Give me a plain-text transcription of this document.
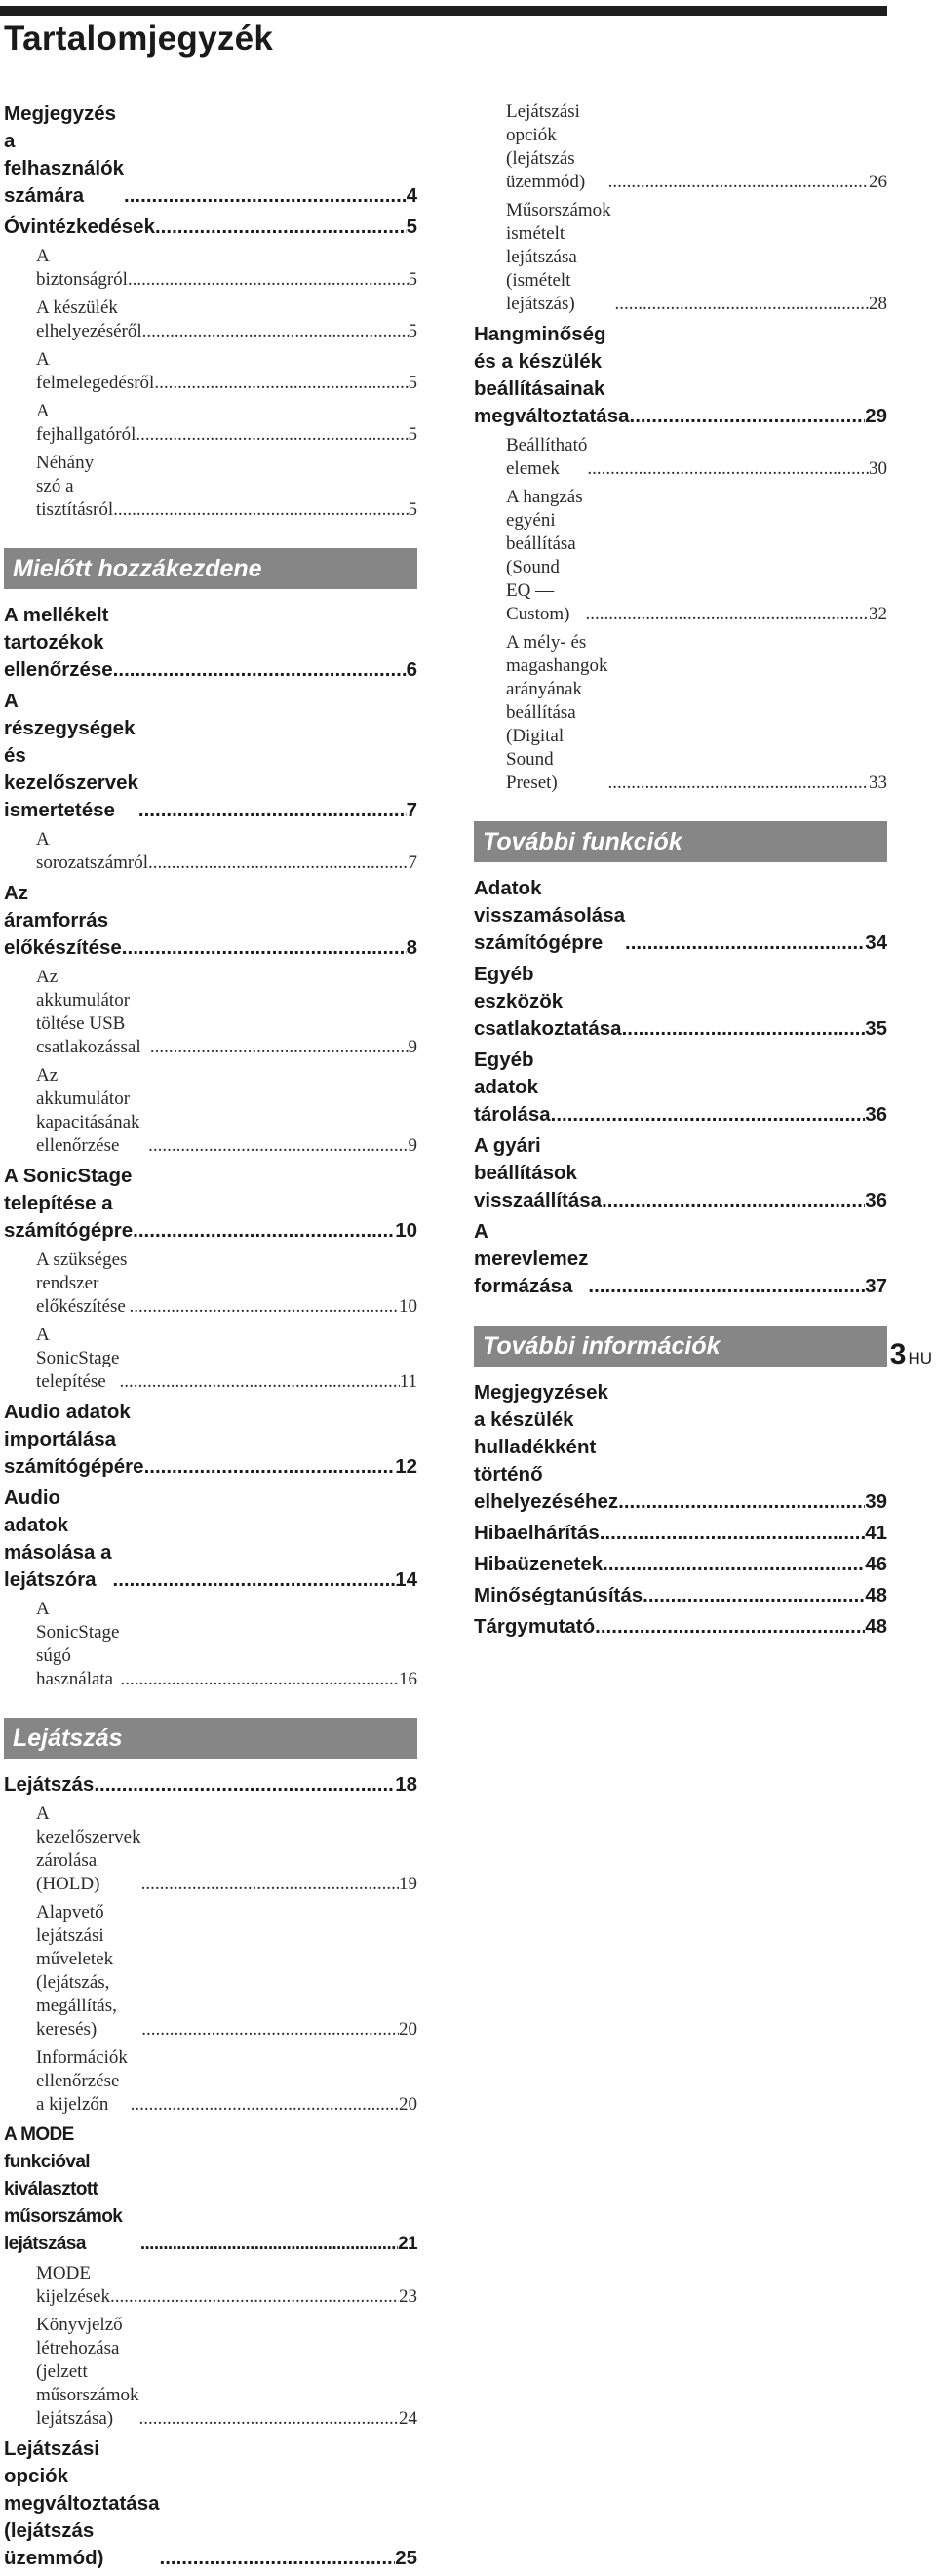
Tartalomjegyzék
Megjegyzés a felhasználók számára .....	4
Óvintézkedések .....	5
A biztonságról .....	5
A készülék elhelyezéséről .....	5
A felmelegedésről .....	5
A fejhallgatóról .....	5
Néhány szó a tisztításról .....	5
Mielőtt hozzákezdene
A mellékelt tartozékok ellenőrzése .....	6
A részegységek és kezelőszervek
ismertetése .....	7
A sorozatszámról .....	7
Az áramforrás előkészítése .....	8
Az akkumulátor töltése USB csatlakozással .....	9
Az akkumulátor kapacitásának ellenőrzése .....	9
A SonicStage telepítése a
számítógépre .....	10
A szükséges rendszer előkészítése .....	10
A SonicStage telepítése .....	11
Audio adatok importálása
számítógépére .....	12
Audio adatok másolása a lejátszóra .....	14
A SonicStage súgó használata .....	16
Lejátszás
Lejátszás .....	18
A kezelőszervek zárolása (HOLD) .....	19
Alapvető lejátszási műveletek (lejátszás,
megállítás, keresés) .....	20
Információk ellenőrzése a kijelzőn .....	20
A MODE funkcióval kiválasztott műsorszámok
lejátszása .....	21
MODE kijelzések .....	23
Könyvjelző létrehozása (jelzett
műsorszámok lejátszása) .....	24
Lejátszási opciók megváltoztatása
(lejátszás üzemmód) .....	25
Lejátszási opciók (lejátszás üzemmód) .....	26
Műsorszámok ismételt lejátszása (ismételt
lejátszás) .....	28
Hangminőség és a készülék
beállításainak megváltoztatása .....	29
Beállítható elemek .....	30
A hangzás egyéni beállítása
(Sound EQ — Custom) .....	32
A mély- és magashangok arányának
beállítása (Digital Sound Preset) .....	33
További funkciók
Adatok visszamásolása számítógépre .....	34
Egyéb eszközök csatlakoztatása .....	35
Egyéb adatok tárolása .....	36
A gyári beállítások visszaállítása .....	36
A merevlemez formázása .....	37
További információk
Megjegyzések a készülék hulladékként
történő elhelyezéséhez .....	39
Hibaelhárítás .....	41
Hibaüzenetek .....	46
Minőségtanúsítás .....	48
Tárgymutató .....	48
3 HU
